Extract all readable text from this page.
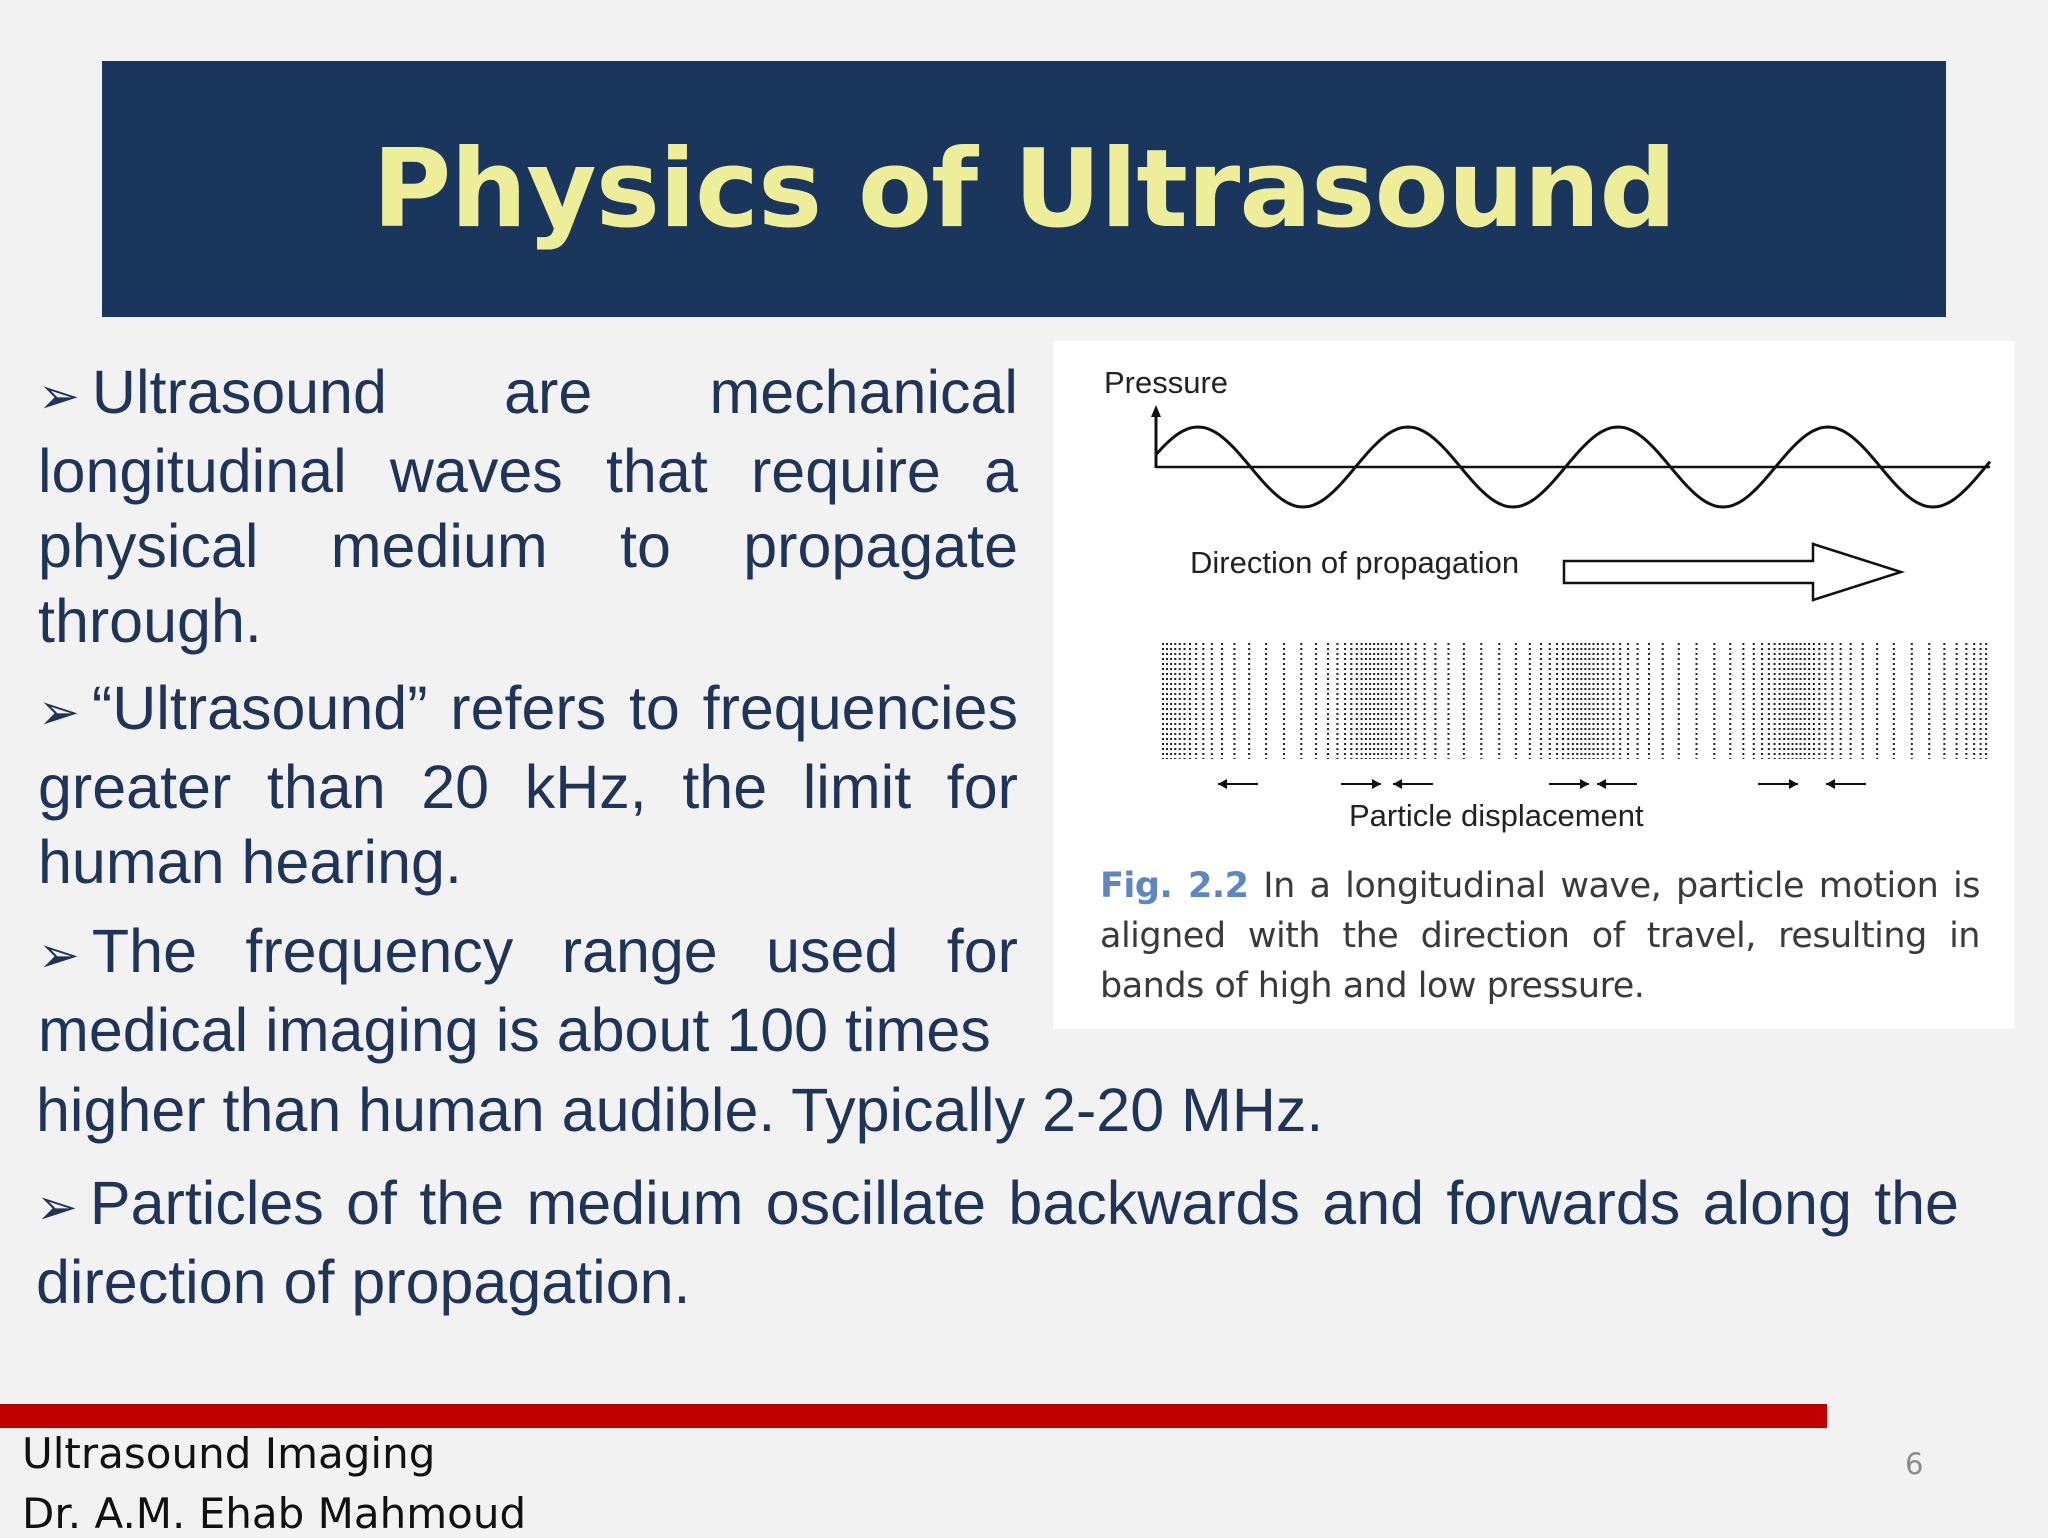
Physics of Ultrasound

➢ Ultrasound are mechanical longitudinal waves that require a physical medium to propagate through.

➢ “Ultrasound” refers to frequencies greater than 20 kHz, the limit for human hearing.

➢ The frequency range used for medical imaging is about 100 times

higher than human audible. Typically 2-20 MHz.

➢ Particles of the medium oscillate backwards and forwards along the direction of propagation.

Pressure
Direction of propagation
Particle displacement

Fig. 2.2 In a longitudinal wave, particle motion is aligned with the direction of travel, resulting in bands of high and low pressure.

Ultrasound Imaging
Dr. A.M. Ehab Mahmoud
6
